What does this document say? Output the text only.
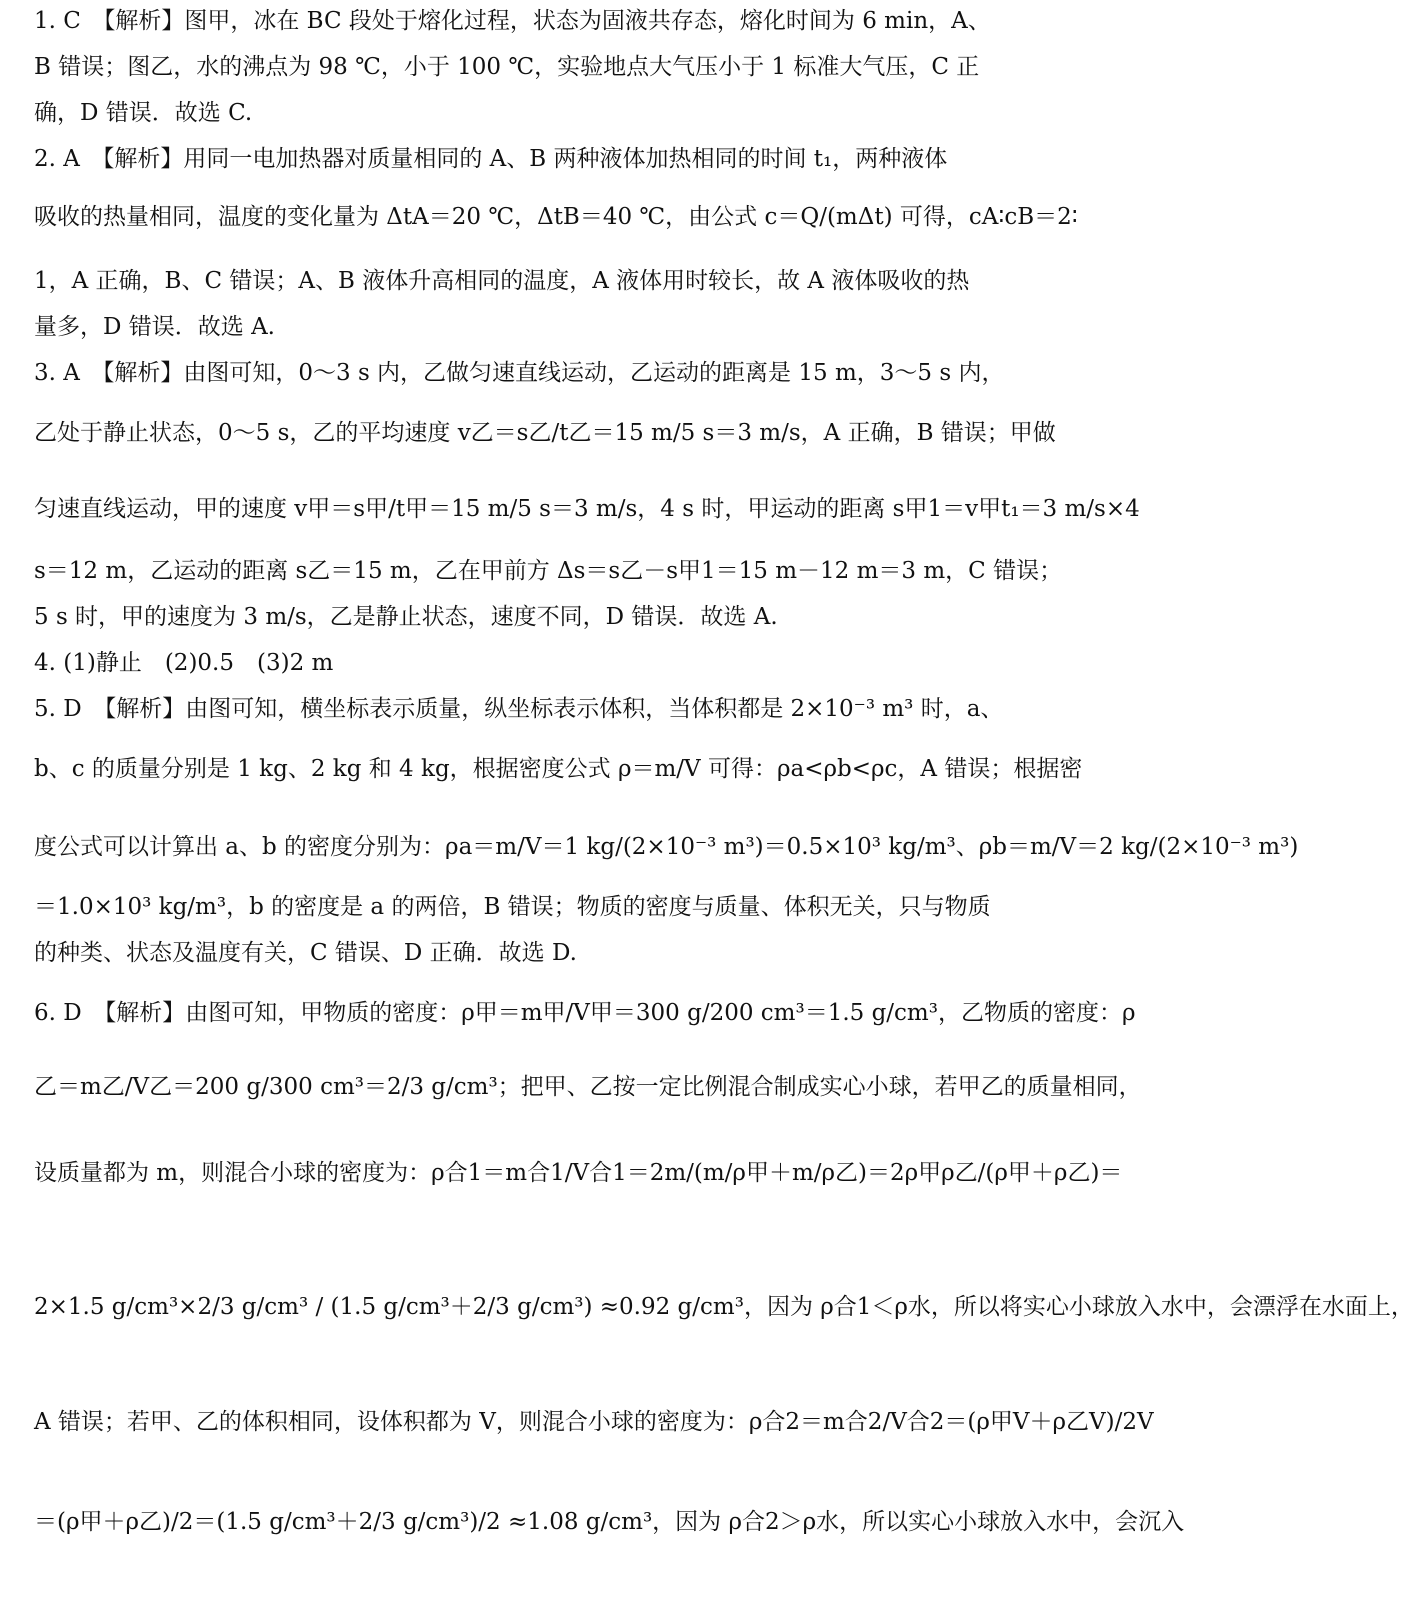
1. C　【解析】图甲，冰在 BC 段处于熔化过程，状态为固液共存态，熔化时间为 6 min，A、
B 错误；图乙，水的沸点为 98 ℃，小于 100 ℃，实验地点大气压小于 1 标准大气压，C 正
确，D 错误．故选 C.
2. A　【解析】用同一电加热器对质量相同的 A、B 两种液体加热相同的时间 t₁，两种液体
吸收的热量相同，温度的变化量为 ΔtA＝20 ℃，ΔtB＝40 ℃，由公式 c＝Q/(mΔt) 可得，cA∶cB＝2∶
1，A 正确，B、C 错误；A、B 液体升高相同的温度，A 液体用时较长，故 A 液体吸收的热
量多，D 错误．故选 A.
3. A　【解析】由图可知，0～3 s 内，乙做匀速直线运动，乙运动的距离是 15 m，3～5 s 内，
乙处于静止状态，0～5 s，乙的平均速度 v乙＝s乙/t乙＝15 m/5 s＝3 m/s，A 正确，B 错误；甲做
匀速直线运动，甲的速度 v甲＝s甲/t甲＝15 m/5 s＝3 m/s，4 s 时，甲运动的距离 s甲1＝v甲t₁＝3 m/s×4
s＝12 m，乙运动的距离 s乙＝15 m，乙在甲前方 Δs＝s乙－s甲1＝15 m－12 m＝3 m，C 错误；
5 s 时，甲的速度为 3 m/s，乙是静止状态，速度不同，D 错误．故选 A.
4. (1)静止　(2)0.5　(3)2 m
5. D　【解析】由图可知，横坐标表示质量，纵坐标表示体积，当体积都是 2×10⁻³ m³ 时，a、
b、c 的质量分别是 1 kg、2 kg 和 4 kg，根据密度公式 ρ＝m/V 可得：ρa<ρb<ρc，A 错误；根据密
度公式可以计算出 a、b 的密度分别为：ρa＝m/V＝1 kg/(2×10⁻³ m³)＝0.5×10³ kg/m³、ρb＝m/V＝2 kg/(2×10⁻³ m³)
＝1.0×10³ kg/m³，b 的密度是 a 的两倍，B 错误；物质的密度与质量、体积无关，只与物质
的种类、状态及温度有关，C 错误、D 正确．故选 D.
6. D　【解析】由图可知，甲物质的密度：ρ甲＝m甲/V甲＝300 g/200 cm³＝1.5 g/cm³，乙物质的密度：ρ
乙＝m乙/V乙＝200 g/300 cm³＝2/3 g/cm³；把甲、乙按一定比例混合制成实心小球，若甲乙的质量相同，
设质量都为 m，则混合小球的密度为：ρ合1＝m合1/V合1＝2m/(m/ρ甲＋m/ρ乙)＝2ρ甲ρ乙/(ρ甲＋ρ乙)＝
2×1.5 g/cm³×2/3 g/cm³ / (1.5 g/cm³＋2/3 g/cm³) ≈0.92 g/cm³，因为 ρ合1＜ρ水，所以将实心小球放入水中，会漂浮在水面上，
A 错误；若甲、乙的体积相同，设体积都为 V，则混合小球的密度为：ρ合2＝m合2/V合2＝(ρ甲V＋ρ乙V)/2V
＝(ρ甲＋ρ乙)/2＝(1.5 g/cm³＋2/3 g/cm³)/2 ≈1.08 g/cm³，因为 ρ合2＞ρ水，所以实心小球放入水中，会沉入
